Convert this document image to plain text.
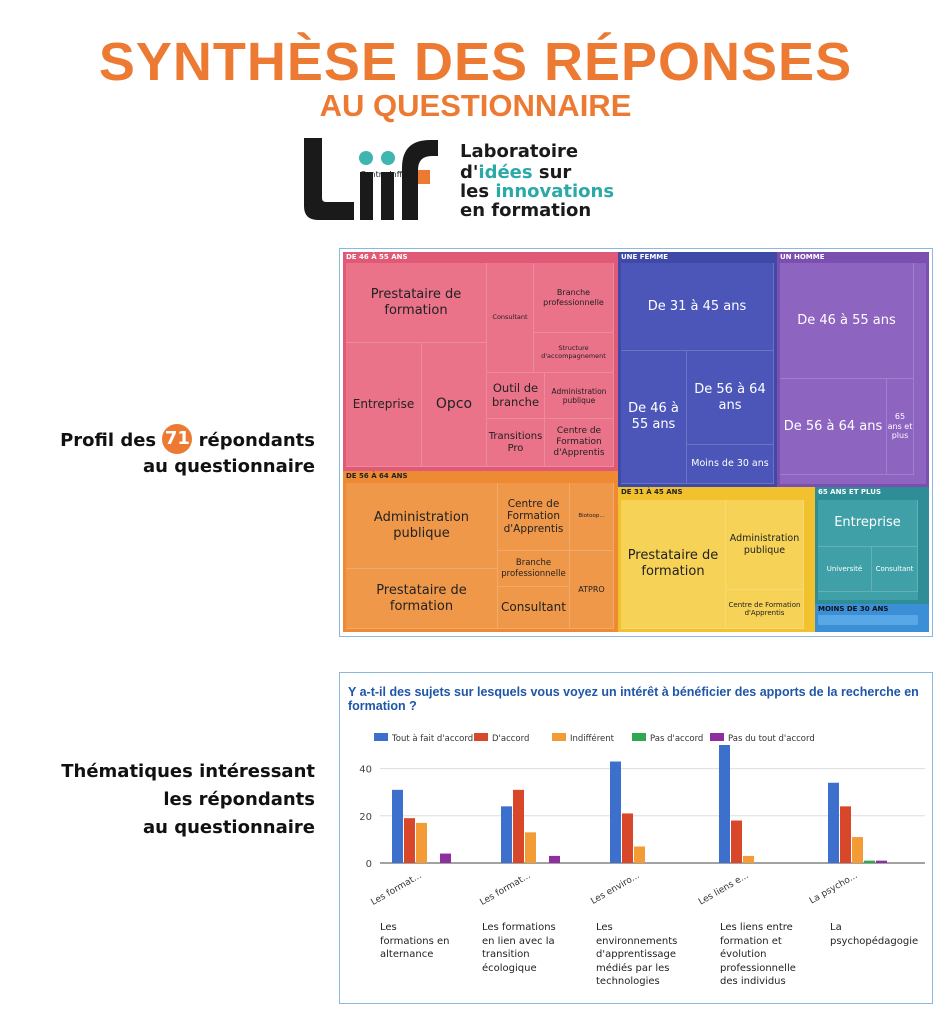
SYNTHÈSE DES RÉPONSES
AU QUESTIONNAIRE
Centre Inffo
Laboratoire
d'idées sur
les innovations
en formation
Profil des 71 répondants
au questionnaire
Thématiques intéressant
les répondants
au questionnaire
DE 46 À 55 ANS
Prestataire de formation	Consultant
Branche professionnelle
Structure d'accompagnement
Entreprise	Opco
Outil de branche
Administration publique
Transitions Pro
Centre de Formation d'Apprentis
DE 56 À 64 ANS
Administration publique
Prestataire de formation
Centre de Formation d'Apprentis
Biotoop...
Branche professionnelle
Consultant
ATPRO
UNE FEMME
De 31 à 45 ans
De 46 à 55 ans
De 56 à 64 ans
Moins de 30 ans
UN HOMME
De 46 à 55 ans
De 56 à 64 ans
65 ans et plus
DE 31 À 45 ANS
Prestataire de formation
Administration publique
Centre de Formation d'Apprentis
65 ANS ET PLUS
Entreprise
Université	Consultant
MOINS DE 30 ANS
Y a-t-il des sujets sur lesquels vous voyez un intérêt à bénéficier des apports de la recherche en formation ?
0
20
40
Tout à fait d'accord D'accord	Indifférent	Pas d'accord	Pas du tout d'accord
Les format...	Les format...	Les enviro...	Les liens e...	La psycho...
Les formations en alternance
Les formations en lien avec la transition écologique
Les environnements d'apprentissage médiés par les technologies
Les liens entre formation et évolution professionnelle des individus
La psychopédagogie
